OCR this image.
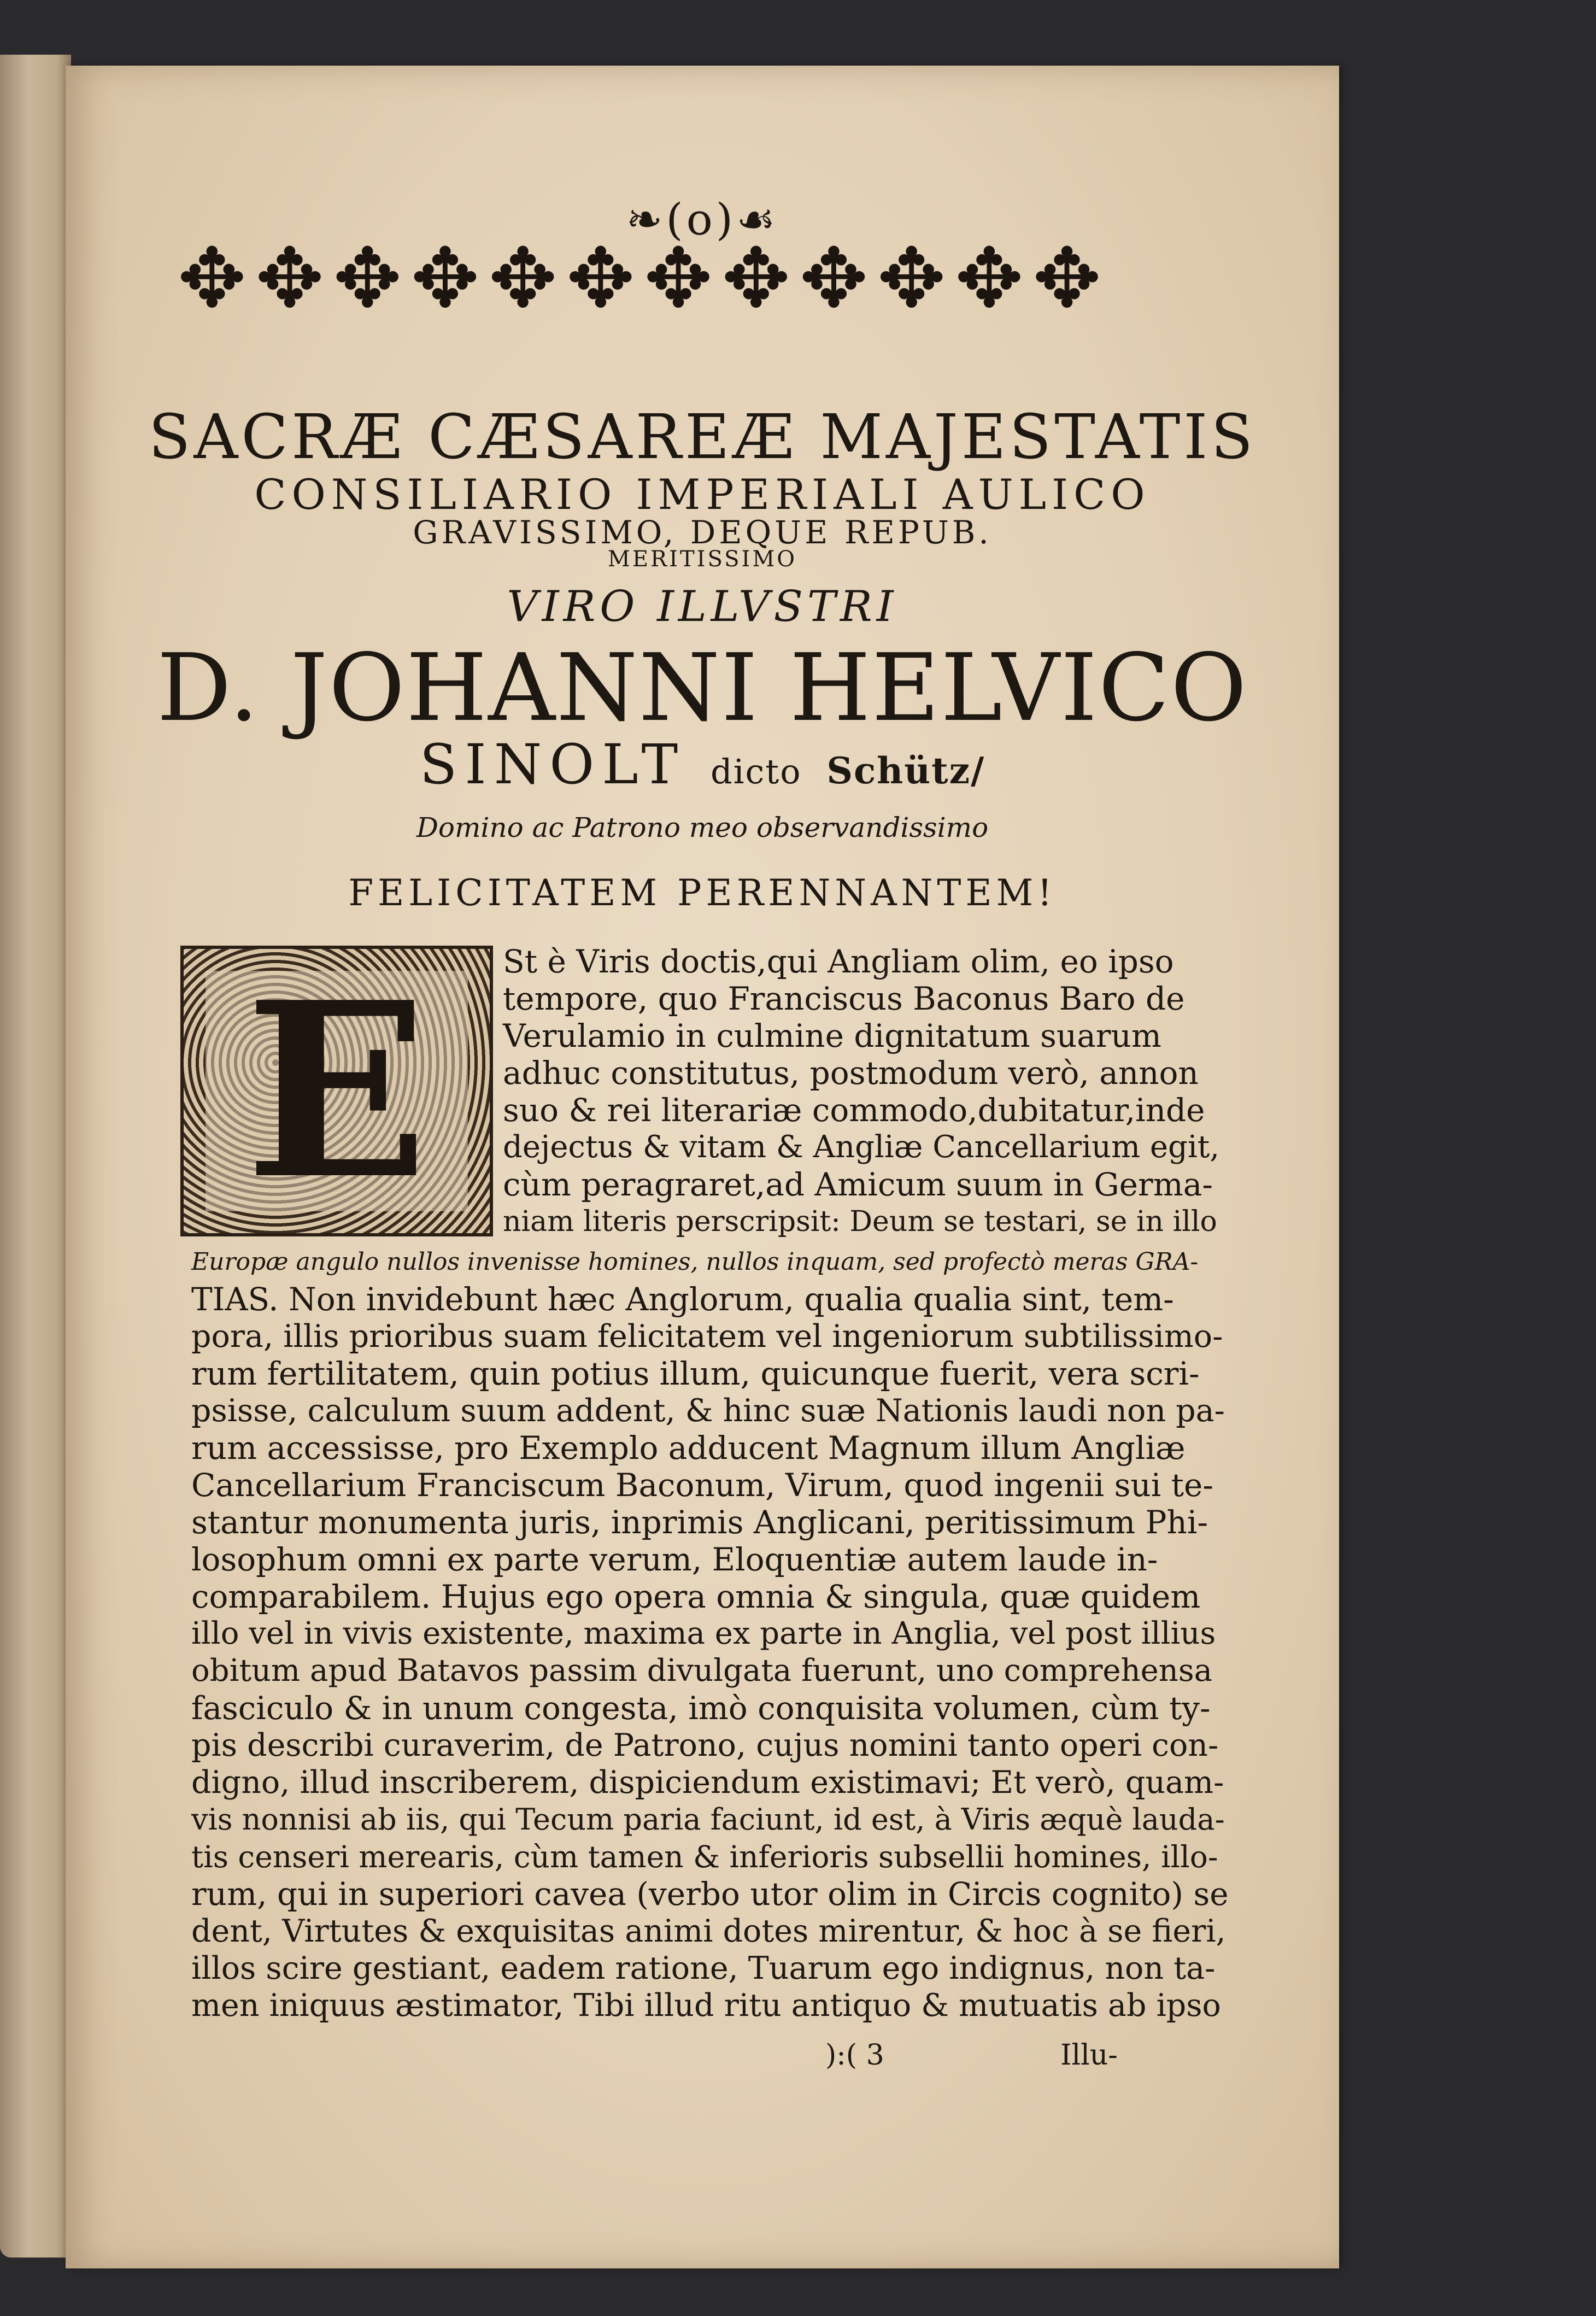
❧(o)☙
✥ ✥ ✥ ✥ ✥ ✥ ✥ ✥ ✥ ✥ ✥ ✥
SACRÆ CÆSAREÆ MAJESTATIS
CONSILIARIO IMPERIALI AULICO
GRAVISSIMO, DEQUE REPUB.
MERITISSIMO
VIRO ILLVSTRI
D. JOHANNI HELVICO
SINOLT dicto Schütz/
Domino ac Patrono meo observandissimo
FELICITATEM PERENNANTEM!
E	St è Viris doctis,qui Angliam olim, eo ipso
tempore, quo Franciscus Baconus Baro de
Verulamio in culmine dignitatum suarum
adhuc constitutus, postmodum verò, annon
suo & rei literariæ commodo,dubitatur,inde
dejectus & vitam & Angliæ Cancellarium egit,
cùm peragraret,ad Amicum suum in Germa-
niam literis perscripsit: Deum se testari, se in illo
Europæ angulo nullos invenisse homines, nullos inquam, sed profectò meras GRA-
TIAS. Non invidebunt hæc Anglorum, qualia qualia sint, tem-
pora, illis prioribus suam felicitatem vel ingeniorum subtilissimo-
rum fertilitatem, quin potius illum, quicunque fuerit, vera scri-
psisse, calculum suum addent, & hinc suæ Nationis laudi non pa-
rum accessisse, pro Exemplo adducent Magnum illum Angliæ
Cancellarium Franciscum Baconum, Virum, quod ingenii sui te-
stantur monumenta juris, inprimis Anglicani, peritissimum Phi-
losophum omni ex parte verum, Eloquentiæ autem laude in-
comparabilem. Hujus ego opera omnia & singula, quæ quidem
illo vel in vivis existente, maxima ex parte in Anglia, vel post illius
obitum apud Batavos passim divulgata fuerunt, uno comprehensa
fasciculo & in unum congesta, imò conquisita volumen, cùm ty-
pis describi curaverim, de Patrono, cujus nomini tanto operi con-
digno, illud inscriberem, dispiciendum existimavi; Et verò, quam-
vis nonnisi ab iis, qui Tecum paria faciunt, id est, à Viris æquè lauda-
tis censeri merearis, cùm tamen & inferioris subsellii homines, illo-
rum, qui in superiori cavea (verbo utor olim in Circis cognito) se
dent, Virtutes & exquisitas animi dotes mirentur, & hoc à se fieri,
illos scire gestiant, eadem ratione, Tuarum ego indignus, non ta-
men iniquus æstimator, Tibi illud ritu antiquo & mutuatis ab ipso
):( 3	Illu-
